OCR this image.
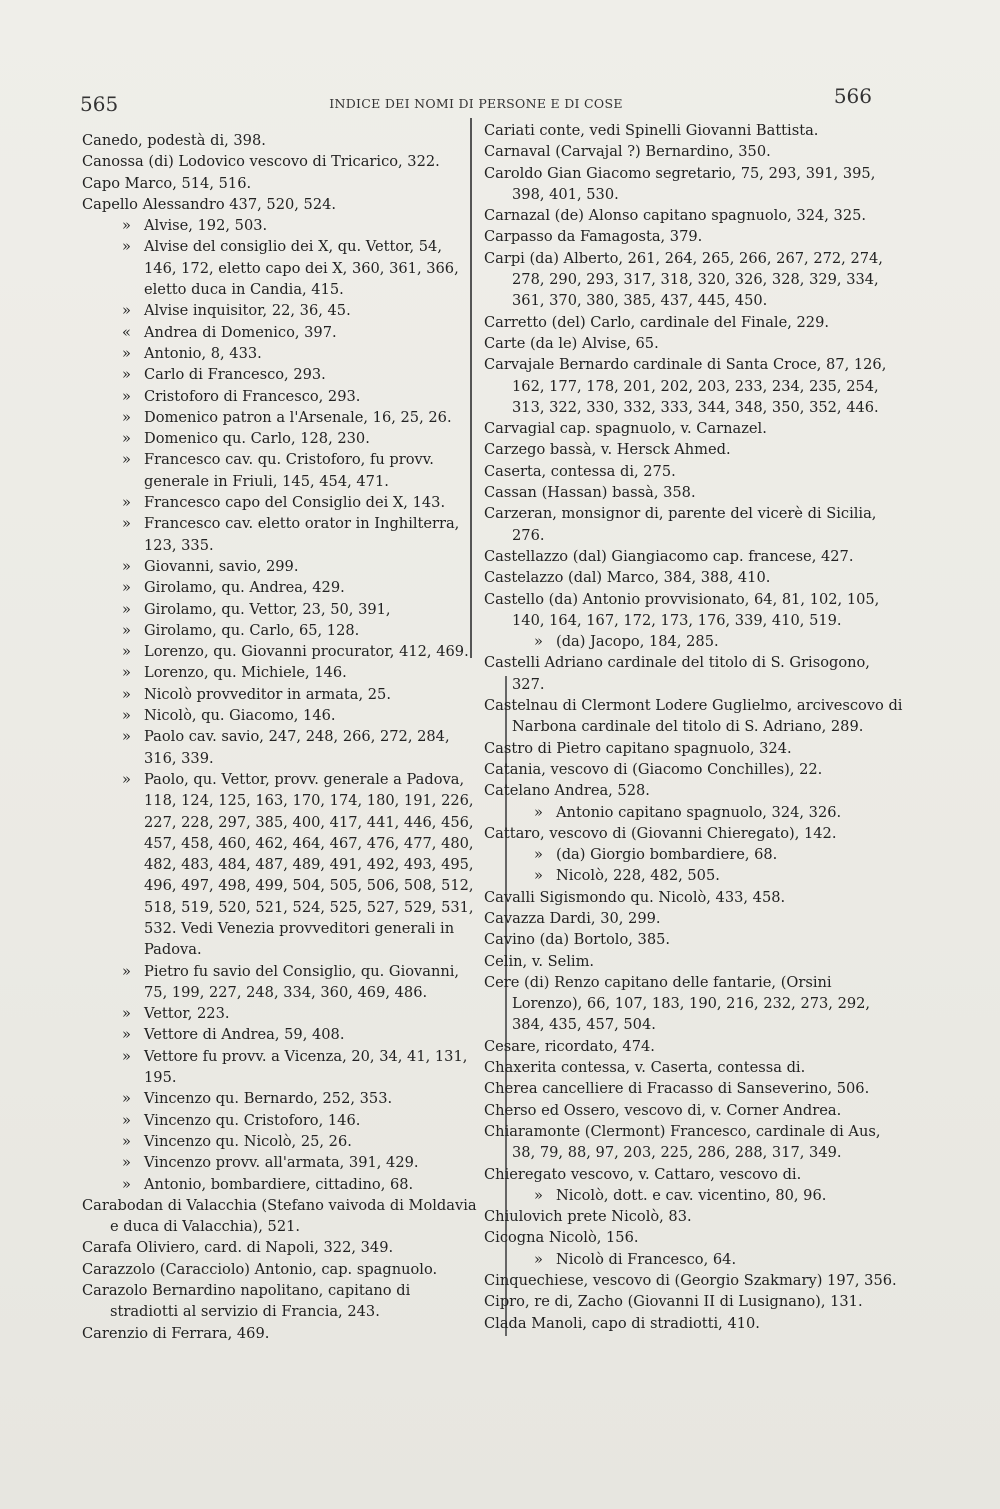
565	INDICE DEI NOMI DI PERSONE E DI COSE	566

Canedo, podestà di, 398.

Canossa (di) Lodovico vescovo di Tricarico, 322.

Capo Marco, 514, 516.

Capello Alessandro 437, 520, 524.

» Alvise, 192, 503.

» Alvise del consiglio dei X, qu. Vettor, 54, 146, 172, eletto capo dei X, 360, 361, 366, eletto duca in Candia, 415.

» Alvise inquisitor, 22, 36, 45.

« Andrea di Domenico, 397.

» Antonio, 8, 433.

» Carlo di Francesco, 293.

» Cristoforo di Francesco, 293.

» Domenico patron a l'Arsenale, 16, 25, 26.

» Domenico qu. Carlo, 128, 230.

» Francesco cav. qu. Cristoforo, fu provv. generale in Friuli, 145, 454, 471.

» Francesco capo del Consiglio dei X, 143.

» Francesco cav. eletto orator in Inghilterra, 123, 335.

» Giovanni, savio, 299.

» Girolamo, qu. Andrea, 429.

» Girolamo, qu. Vettor, 23, 50, 391,

» Girolamo, qu. Carlo, 65, 128.

» Lorenzo, qu. Giovanni procurator, 412, 469.

» Lorenzo, qu. Michiele, 146.

» Nicolò provveditor in armata, 25.

» Nicolò, qu. Giacomo, 146.

» Paolo cav. savio, 247, 248, 266, 272, 284, 316, 339.

» Paolo, qu. Vettor, provv. generale a Padova, 118, 124, 125, 163, 170, 174, 180, 191, 226, 227, 228, 297, 385, 400, 417, 441, 446, 456, 457, 458, 460, 462, 464, 467, 476, 477, 480, 482, 483, 484, 487, 489, 491, 492, 493, 495, 496, 497, 498, 499, 504, 505, 506, 508, 512, 518, 519, 520, 521, 524, 525, 527, 529, 531, 532. Vedi Venezia provveditori generali in Padova.

» Pietro fu savio del Consiglio, qu. Giovanni, 75, 199, 227, 248, 334, 360, 469, 486.

» Vettor, 223.

» Vettore di Andrea, 59, 408.

» Vettore fu provv. a Vicenza, 20, 34, 41, 131, 195.

» Vincenzo qu. Bernardo, 252, 353.

» Vincenzo qu. Cristoforo, 146.

» Vincenzo qu. Nicolò, 25, 26.

» Vincenzo provv. all'armata, 391, 429.

» Antonio, bombardiere, cittadino, 68.

Carabodan di Valacchia (Stefano vaivoda di Moldavia e duca di Valacchia), 521.

Carafa Oliviero, card. di Napoli, 322, 349.

Carazzolo (Caracciolo) Antonio, cap. spagnuolo.

Carazolo Bernardino napolitano, capitano di stradiotti al servizio di Francia, 243.

Carenzio di Ferrara, 469.

Cariati conte, vedi Spinelli Giovanni Battista.

Carnaval (Carvajal ?) Bernardino, 350.

Caroldo Gian Giacomo segretario, 75, 293, 391, 395, 398, 401, 530.

Carnazal (de) Alonso capitano spagnuolo, 324, 325.

Carpasso da Famagosta, 379.

Carpi (da) Alberto, 261, 264, 265, 266, 267, 272, 274, 278, 290, 293, 317, 318, 320, 326, 328, 329, 334, 361, 370, 380, 385, 437, 445, 450.

Carretto (del) Carlo, cardinale del Finale, 229.

Carte (da le) Alvise, 65.

Carvajale Bernardo cardinale di Santa Croce, 87, 126, 162, 177, 178, 201, 202, 203, 233, 234, 235, 254, 313, 322, 330, 332, 333, 344, 348, 350, 352, 446.

Carvagial cap. spagnuolo, v. Carnazel.

Carzego bassà, v. Hersck Ahmed.

Caserta, contessa di, 275.

Cassan (Hassan) bassà, 358.

Carzeran, monsignor di, parente del vicerè di Sicilia, 276.

Castellazzo (dal) Giangiacomo cap. francese, 427.

Castelazzo (dal) Marco, 384, 388, 410.

Castello (da) Antonio provvisionato, 64, 81, 102, 105, 140, 164, 167, 172, 173, 176, 339, 410, 519.

» (da) Jacopo, 184, 285.

Castelli Adriano cardinale del titolo di S. Grisogono, 327.

Castelnau di Clermont Lodere Guglielmo, arcivescovo di Narbona cardinale del titolo di S. Adriano, 289.

Castro di Pietro capitano spagnuolo, 324.

Catania, vescovo di (Giacomo Conchilles), 22.

Catelano Andrea, 528.

» Antonio capitano spagnuolo, 324, 326.

Cattaro, vescovo di (Giovanni Chieregato), 142.

» (da) Giorgio bombardiere, 68.

» Nicolò, 228, 482, 505.

Cavalli Sigismondo qu. Nicolò, 433, 458.

Cavazza Dardi, 30, 299.

Cavino (da) Bortolo, 385.

Celin, v. Selim.

Cere (di) Renzo capitano delle fantarie, (Orsini Lorenzo), 66, 107, 183, 190, 216, 232, 273, 292, 384, 435, 457, 504.

Cesare, ricordato, 474.

Chaxerita contessa, v. Caserta, contessa di.

Cherea cancelliere di Fracasso di Sanseverino, 506.

Cherso ed Ossero, vescovo di, v. Corner Andrea.

Chiaramonte (Clermont) Francesco, cardinale di Aus, 38, 79, 88, 97, 203, 225, 286, 288, 317, 349.

Chieregato vescovo, v. Cattaro, vescovo di.

» Nicolò, dott. e cav. vicentino, 80, 96.

Chiulovich prete Nicolò, 83.

Cicogna Nicolò, 156.

» Nicolò di Francesco, 64.

Cinquechiese, vescovo di (Georgio Szakmary) 197, 356.

Cipro, re di, Zacho (Giovanni II di Lusignano), 131.

Clada Manoli, capo di stradiotti, 410.
